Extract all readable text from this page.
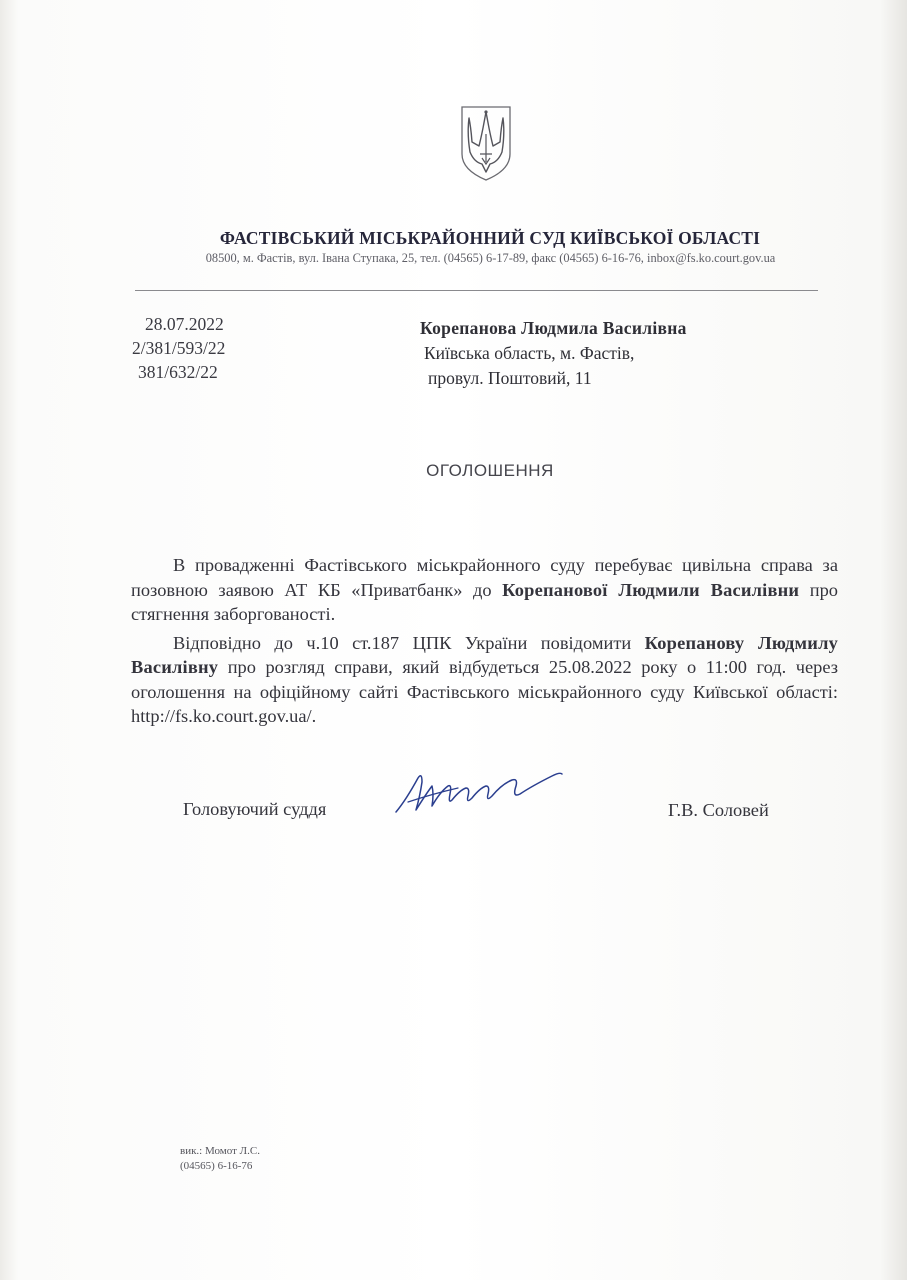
ФАСТІВСЬКИЙ МІСЬКРАЙОННИЙ СУД КИЇВСЬКОЇ ОБЛАСТІ
08500, м. Фастів, вул. Івана Ступака, 25, тел. (04565) 6-17-89, факс (04565) 6-16-76, inbox@fs.ko.court.gov.ua
28.07.2022
2/381/593/22
381/632/22
Корепанова Людмила Василівна
Київська область, м. Фастів,
провул. Поштовий, 11
ОГОЛОШЕННЯ

В провадженні Фастівського міськрайонного суду перебуває цивільна справа за позовною заявою АТ КБ «Приватбанк» до Корепанової Людмили Василівни про стягнення заборгованості.

Відповідно до ч.10 ст.187 ЦПК України повідомити Корепанову Людмилу Василівну про розгляд справи, який відбудеться 25.08.2022 року о 11:00 год. через оголошення на офіційному сайті Фастівського міськрайонного суду Київської області: http://fs.ko.court.gov.ua/.

Головуючий суддя	Г.В. Соловей
вик.: Момот Л.С.
(04565) 6-16-76
